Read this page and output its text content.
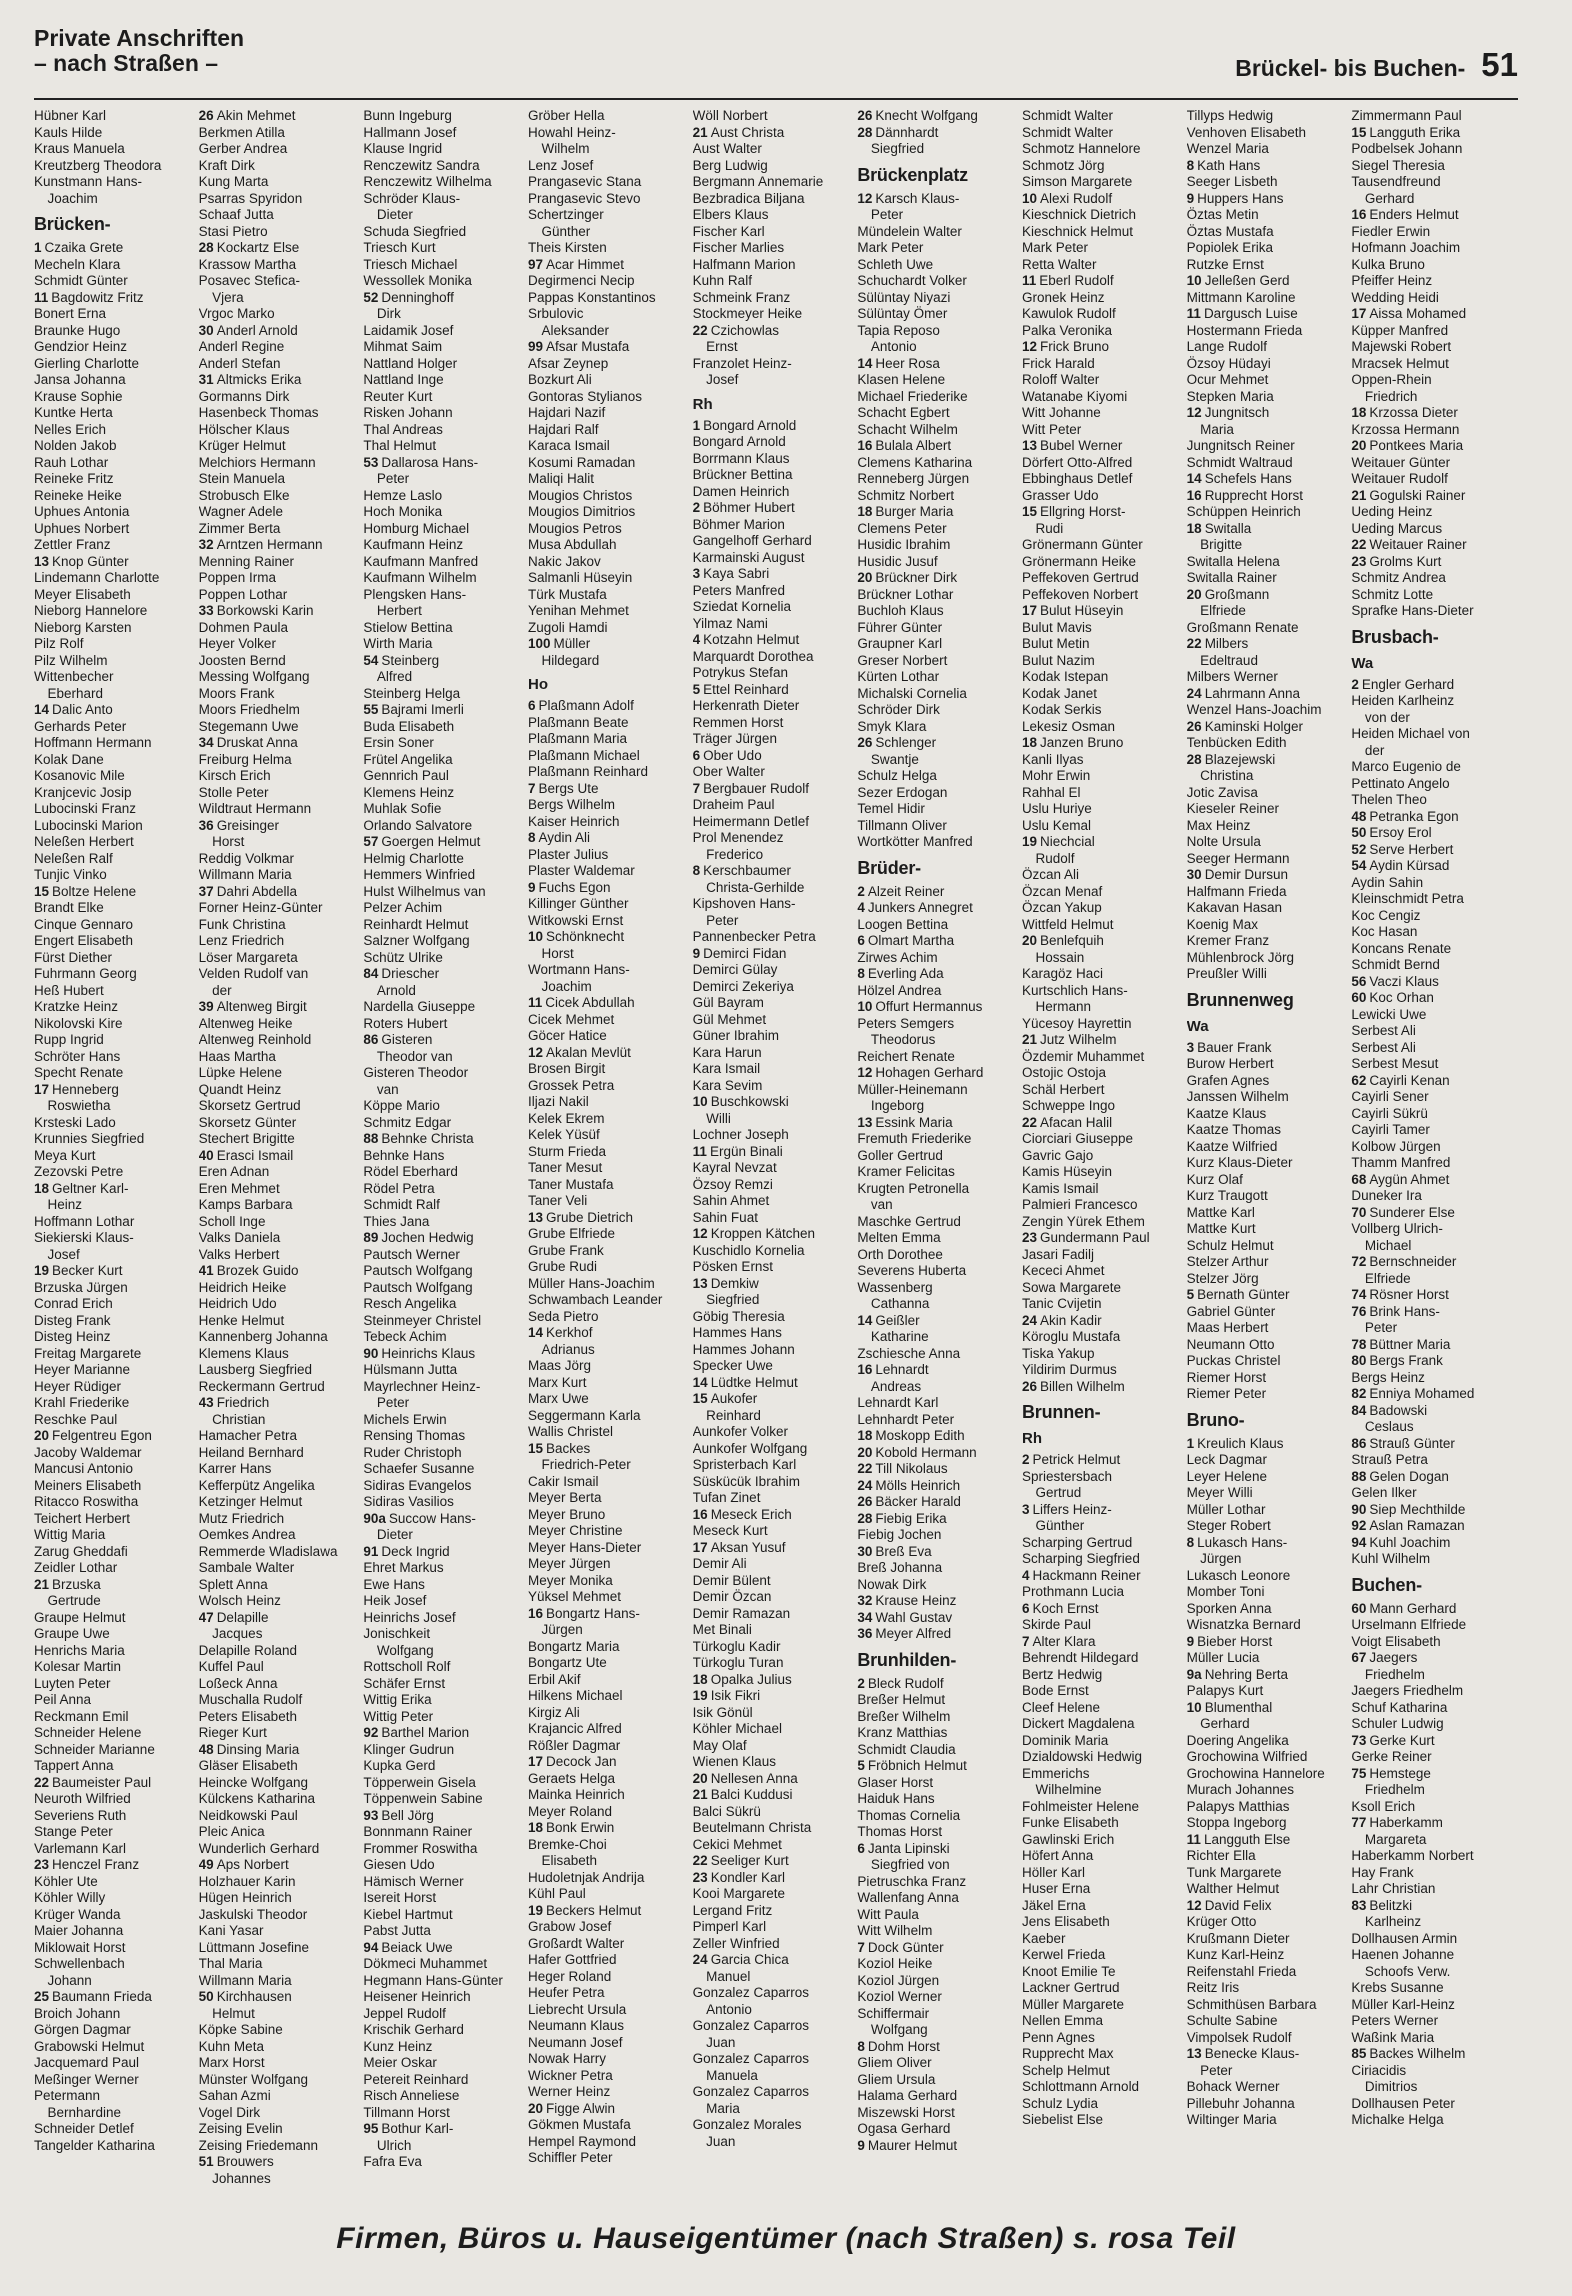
Private Anschriften
– nach Straßen –	Brückel- bis Buchen- 51
Hübner Karl
Kauls Hilde
Kraus Manuela
Kreutzberg Theodora
Kunstmann Hans-
 Joachim
Brücken-
1 Czaika Grete
Mecheln Klara
Schmidt Günter
11 Bagdowitz Fritz
Bonert Erna
Braunke Hugo
Gendzior Heinz
Gierling Charlotte
Jansa Johanna
Krause Sophie
Kuntke Herta
Nelles Erich
Nolden Jakob
Rauh Lothar
Reineke Fritz
Reineke Heike
Uphues Antonia
Uphues Norbert
Zettler Franz
13 Knop Günter
Lindemann Charlotte
Meyer Elisabeth
Nieborg Hannelore
Nieborg Karsten
Pilz Rolf
Pilz Wilhelm
Wittenbecher
 Eberhard
14 Dalic Anto
Gerhards Peter
Hoffmann Hermann
Kolak Dane
Kosanovic Mile
Kranjcevic Josip
Lubocinski Franz
Lubocinski Marion
Neleßen Herbert
Neleßen Ralf
Tunjic Vinko
15 Boltze Helene
Brandt Elke
Cinque Gennaro
Engert Elisabeth
Fürst Diether
Fuhrmann Georg
Heß Hubert
Kratzke Heinz
Nikolovski Kire
Rupp Ingrid
Schröter Hans
Specht Renate
17 Henneberg
 Roswietha
Krsteski Lado
Krunnies Siegfried
Meya Kurt
Zezovski Petre
18 Geltner Karl-
 Heinz
Hoffmann Lothar
Siekierski Klaus-
 Josef
19 Becker Kurt
Brzuska Jürgen
Conrad Erich
Disteg Frank
Disteg Heinz
Freitag Margarete
Heyer Marianne
Heyer Rüdiger
Krahl Friederike
Reschke Paul
20 Felgentreu Egon
Jacoby Waldemar
Mancusi Antonio
Meiners Elisabeth
Ritacco Roswitha
Teichert Herbert
Wittig Maria
Zarug Gheddafi
Zeidler Lothar
21 Brzuska
 Gertrude
Graupe Helmut
Graupe Uwe
Henrichs Maria
Kolesar Martin
Luyten Peter
Peil Anna
Reckmann Emil
Schneider Helene
Schneider Marianne
Tappert Anna
22 Baumeister Paul
Neuroth Wilfried
Severiens Ruth
Stange Peter
Varlemann Karl
23 Henczel Franz
Köhler Ute
Köhler Willy
Krüger Wanda
Maier Johanna
Miklowait Horst
Schwellenbach
 Johann
25 Baumann Frieda
Broich Johann
Görgen Dagmar
Grabowski Helmut
Jacquemard Paul
Meßinger Werner
Petermann
 Bernhardine
Schneider Detlef
Tangelder Katharina
26 Akin Mehmet
Berkmen Atilla
Gerber Andrea
Kraft Dirk
Kung Marta
Psarras Spyridon
Schaaf Jutta
Stasi Pietro
28 Kockartz Else
Krassow Martha
Posavec Stefica-
 Vjera
Vrgoc Marko
30 Anderl Arnold
Anderl Regine
Anderl Stefan
31 Altmicks Erika
Gormanns Dirk
Hasenbeck Thomas
Hölscher Klaus
Krüger Helmut
Melchiors Hermann
Stein Manuela
Strobusch Elke
Wagner Adele
Zimmer Berta
32 Arntzen Hermann
Menning Rainer
Poppen Irma
Poppen Lothar
33 Borkowski Karin
Dohmen Paula
Heyer Volker
Joosten Bernd
Messing Wolfgang
Moors Frank
Moors Friedhelm
Stegemann Uwe
34 Druskat Anna
Freiburg Helma
Kirsch Erich
Stolle Peter
Wildtraut Hermann
36 Greisinger
 Horst
Reddig Volkmar
Willmann Maria
37 Dahri Abdella
Forner Heinz-Günter
Funk Christina
Lenz Friedrich
Löser Margareta
Velden Rudolf van
 der
39 Altenweg Birgit
Altenweg Heike
Altenweg Reinhold
Haas Martha
Lüpke Helene
Quandt Heinz
Skorsetz Gertrud
Skorsetz Günter
Stechert Brigitte
40 Erasci Ismail
Eren Adnan
Eren Mehmet
Kamps Barbara
Scholl Inge
Valks Daniela
Valks Herbert
41 Brozek Guido
Heidrich Heike
Heidrich Udo
Henke Helmut
Kannenberg Johanna
Klemens Klaus
Lausberg Siegfried
Reckermann Gertrud
43 Friedrich
 Christian
Hamacher Petra
Heiland Bernhard
Karrer Hans
Kefferpütz Angelika
Ketzinger Helmut
Mutz Friedrich
Oemkes Andrea
Remmerde Wladislawa
Sambale Walter
Splett Anna
Wolsch Heinz
47 Delapille
 Jacques
Delapille Roland
Kuffel Paul
Loßeck Anna
Muschalla Rudolf
Peters Elisabeth
Rieger Kurt
48 Dinsing Maria
Gläser Elisabeth
Heincke Wolfgang
Külckens Katharina
Neidkowski Paul
Pleic Anica
Wunderlich Gerhard
49 Aps Norbert
Holzhauer Karin
Hügen Heinrich
Jaskulski Theodor
Kani Yasar
Lüttmann Josefine
Thal Maria
Willmann Maria
50 Kirchhausen
 Helmut
Köpke Sabine
Kuhn Meta
Marx Horst
Münster Wolfgang
Sahan Azmi
Vogel Dirk
Zeising Evelin
Zeising Friedemann
51 Brouwers
 Johannes
Bunn Ingeburg
Hallmann Josef
Klause Ingrid
Renczewitz Sandra
Renczewitz Wilhelma
Schröder Klaus-
 Dieter
Schuda Siegfried
Triesch Kurt
Triesch Michael
Wessollek Monika
52 Denninghoff
 Dirk
Laidamik Josef
Mihmat Saim
Nattland Holger
Nattland Inge
Reuter Kurt
Risken Johann
Thal Andreas
Thal Helmut
53 Dallarosa Hans-
 Peter
Hemze Laslo
Hoch Monika
Homburg Michael
Kaufmann Heinz
Kaufmann Manfred
Kaufmann Wilhelm
Plengsken Hans-
 Herbert
Stielow Bettina
Wirth Maria
54 Steinberg
 Alfred
Steinberg Helga
55 Bajrami Imerli
Buda Elisabeth
Ersin Soner
Frütel Angelika
Gennrich Paul
Klemens Heinz
Muhlak Sofie
Orlando Salvatore
57 Goergen Helmut
Helmig Charlotte
Hemmers Winfried
Hulst Wilhelmus van
Pelzer Achim
Reinhardt Helmut
Salzner Wolfgang
Schütz Ulrike
84 Driescher
 Arnold
Nardella Giuseppe
Roters Hubert
86 Gisteren
 Theodor van
Gisteren Theodor
 van
Köppe Mario
Schmitz Edgar
88 Behnke Christa
Behnke Hans
Rödel Eberhard
Rödel Petra
Schmidt Ralf
Thies Jana
89 Jochen Hedwig
Pautsch Werner
Pautsch Wolfgang
Pautsch Wolfgang
Resch Angelika
Steinmeyer Christel
Tebeck Achim
90 Heinrichs Klaus
Hülsmann Jutta
Mayrlechner Heinz-
 Peter
Michels Erwin
Rensing Thomas
Ruder Christoph
Schaefer Susanne
Sidiras Evangelos
Sidiras Vasilios
90a Succow Hans-
 Dieter
91 Deck Ingrid
Ehret Markus
Ewe Hans
Heik Josef
Heinrichs Josef
Jonischkeit
 Wolfgang
Rottscholl Rolf
Schäfer Ernst
Wittig Erika
Wittig Peter
92 Barthel Marion
Klinger Gudrun
Kupka Gerd
Töpperwein Gisela
Töppenwein Sabine
93 Bell Jörg
Bonnmann Rainer
Frommer Roswitha
Giesen Udo
Hämisch Werner
Isereit Horst
Kiebel Hartmut
Pabst Jutta
94 Beiack Uwe
Dökmeci Muhammet
Hegmann Hans-Günter
Heisener Heinrich
Jeppel Rudolf
Krischik Gerhard
Kunz Heinz
Meier Oskar
Petereit Reinhard
Risch Anneliese
Tillmann Horst
95 Bothur Karl-
 Ulrich
Fafra Eva
Gröber Hella
Howahl Heinz-
 Wilhelm
Lenz Josef
Prangasevic Stana
Prangasevic Stevo
Schertzinger
 Günther
Theis Kirsten
97 Acar Himmet
Degirmenci Necip
Pappas Konstantinos
Srbulovic
 Aleksander
99 Afsar Mustafa
Afsar Zeynep
Bozkurt Ali
Gontoras Stylianos
Hajdari Nazif
Hajdari Ralf
Karaca Ismail
Kosumi Ramadan
Maliqi Halit
Mougios Christos
Mougios Dimitrios
Mougios Petros
Musa Abdullah
Nakic Jakov
Salmanli Hüseyin
Türk Mustafa
Yenihan Mehmet
Zugoli Hamdi
100 Müller
 Hildegard
Ho
6 Plaßmann Adolf
Plaßmann Beate
Plaßmann Maria
Plaßmann Michael
Plaßmann Reinhard
7 Bergs Ute
Bergs Wilhelm
Kaiser Heinrich
8 Aydin Ali
Plaster Julius
Plaster Waldemar
9 Fuchs Egon
Killinger Günther
Witkowski Ernst
10 Schönknecht
 Horst
Wortmann Hans-
 Joachim
11 Cicek Abdullah
Cicek Mehmet
Göcer Hatice
12 Akalan Mevlüt
Brosen Birgit
Grossek Petra
Iljazi Nakil
Kelek Ekrem
Kelek Yüsüf
Sturm Frieda
Taner Mesut
Taner Mustafa
Taner Veli
13 Grube Dietrich
Grube Elfriede
Grube Frank
Grube Rudi
Müller Hans-Joachim
Schwambach Leander
Seda Pietro
14 Kerkhof
 Adrianus
Maas Jörg
Marx Kurt
Marx Uwe
Seggermann Karla
Wallis Christel
15 Backes
 Friedrich-Peter
Cakir Ismail
Meyer Berta
Meyer Bruno
Meyer Christine
Meyer Hans-Dieter
Meyer Jürgen
Meyer Monika
Yüksel Mehmet
16 Bongartz Hans-
 Jürgen
Bongartz Maria
Bongartz Ute
Erbil Akif
Hilkens Michael
Kirgiz Ali
Krajancic Alfred
Rößler Dagmar
17 Decock Jan
Geraets Helga
Mainka Heinrich
Meyer Roland
18 Bonk Erwin
Bremke-Choi
 Elisabeth
Hudoletnjak Andrija
Kühl Paul
19 Beckers Helmut
Grabow Josef
Großardt Walter
Hafer Gottfried
Heger Roland
Heufer Petra
Liebrecht Ursula
Neumann Klaus
Neumann Josef
Nowak Harry
Wickner Petra
Werner Heinz
20 Figge Alwin
Gökmen Mustafa
Hempel Raymond
Schiffler Peter
Wöll Norbert
21 Aust Christa
Aust Walter
Berg Ludwig
Bergmann Annemarie
Bezbradica Biljana
Elbers Klaus
Fischer Karl
Fischer Marlies
Halfmann Marion
Kuhn Ralf
Schmeink Franz
Stockmeyer Heike
22 Czichowlas
 Ernst
Franzolet Heinz-
 Josef
Rh
1 Bongard Arnold
Bongard Arnold
Borrmann Klaus
Brückner Bettina
Damen Heinrich
2 Böhmer Hubert
Böhmer Marion
Gangelhoff Gerhard
Karmainski August
3 Kaya Sabri
Peters Manfred
Sziedat Kornelia
Yilmaz Nami
4 Kotzahn Helmut
Marquardt Dorothea
Potrykus Stefan
5 Ettel Reinhard
Herkenrath Dieter
Remmen Horst
Träger Jürgen
6 Ober Udo
Ober Walter
7 Bergbauer Rudolf
Draheim Paul
Heimermann Detlef
Prol Menendez
 Frederico
8 Kerschbaumer
 Christa-Gerhilde
Kipshoven Hans-
 Peter
Pannenbecker Petra
9 Demirci Fidan
Demirci Gülay
Demirci Zekeriya
Gül Bayram
Gül Mehmet
Güner Ibrahim
Kara Harun
Kara Ismail
Kara Sevim
10 Buschkowski
 Willi
Lochner Joseph
11 Ergün Binali
Kayral Nevzat
Özsoy Remzi
Sahin Ahmet
Sahin Fuat
12 Kroppen Kätchen
Kuschidlo Kornelia
Pösken Ernst
13 Demkiw
 Siegfried
Göbig Theresia
Hammes Hans
Hammes Johann
Specker Uwe
14 Lüdtke Helmut
15 Aukofer
 Reinhard
Aunkofer Volker
Aunkofer Wolfgang
Spristerbach Karl
Süskücük Ibrahim
Tufan Zinet
16 Meseck Erich
Meseck Kurt
17 Aksan Yusuf
Demir Ali
Demir Bülent
Demir Özcan
Demir Ramazan
Met Binali
Türkoglu Kadir
Türkoglu Turan
18 Opalka Julius
19 Isik Fikri
Isik Gönül
Köhler Michael
May Olaf
Wienen Klaus
20 Nellesen Anna
21 Balci Kuddusi
Balci Sükrü
Beutelmann Christa
Cekici Mehmet
22 Seeliger Kurt
23 Kondler Karl
Kooi Margarete
Lergand Fritz
Pimperl Karl
Zeller Winfried
24 Garcia Chica
 Manuel
Gonzalez Caparros
 Antonio
Gonzalez Caparros
 Juan
Gonzalez Caparros
 Manuela
Gonzalez Caparros
 Maria
Gonzalez Morales
 Juan
26 Knecht Wolfgang
28 Dännhardt
 Siegfried
Brückenplatz
12 Karsch Klaus-
 Peter
Mündelein Walter
Mark Peter
Schleth Uwe
Schuchardt Volker
Sülüntay Niyazi
Sülüntay Ömer
Tapia Reposo
 Antonio
14 Heer Rosa
Klasen Helene
Michael Friederike
Schacht Egbert
Schacht Wilhelm
16 Bulala Albert
Clemens Katharina
Renneberg Jürgen
Schmitz Norbert
18 Burger Maria
Clemens Peter
Husidic Ibrahim
Husidic Jusuf
20 Brückner Dirk
Brückner Lothar
Buchloh Klaus
Führer Günter
Graupner Karl
Greser Norbert
Kürten Lothar
Michalski Cornelia
Schröder Dirk
Smyk Klara
26 Schlenger
 Swantje
Schulz Helga
Sezer Erdogan
Temel Hidir
Tillmann Oliver
Wortkötter Manfred
Brüder-
2 Alzeit Reiner
4 Junkers Annegret
Loogen Bettina
6 Olmart Martha
Zirwes Achim
8 Everling Ada
Hölzel Andrea
10 Offurt Hermannus
Peters Semgers
 Theodorus
Reichert Renate
12 Hohagen Gerhard
Müller-Heinemann
 Ingeborg
13 Essink Maria
Fremuth Friederike
Goller Gertrud
Kramer Felicitas
Krugten Petronella
 van
Maschke Gertrud
Melten Emma
Orth Dorothee
Severens Huberta
Wassenberg
 Cathanna
14 Geißler
 Katharine
Zschiesche Anna
16 Lehnardt
 Andreas
Lehnardt Karl
Lehnhardt Peter
18 Moskopp Edith
20 Kobold Hermann
22 Till Nikolaus
24 Mölls Heinrich
26 Bäcker Harald
28 Fiebig Erika
Fiebig Jochen
30 Breß Eva
Breß Johanna
Nowak Dirk
32 Krause Heinz
34 Wahl Gustav
36 Meyer Alfred
Brunhilden-
2 Bleck Rudolf
Breßer Helmut
Breßer Wilhelm
Kranz Matthias
Schmidt Claudia
5 Fröbnich Helmut
Glaser Horst
Haiduk Hans
Thomas Cornelia
Thomas Horst
6 Janta Lipinski
 Siegfried von
Pietruschka Franz
Wallenfang Anna
Witt Paula
Witt Wilhelm
7 Dock Günter
Koziol Heike
Koziol Jürgen
Koziol Werner
Schiffermair
 Wolfgang
8 Dohm Horst
Gliem Oliver
Gliem Ursula
Halama Gerhard
Miszewski Horst
Ogasa Gerhard
9 Maurer Helmut
Schmidt Walter
Schmidt Walter
Schmotz Hannelore
Schmotz Jörg
Simson Margarete
10 Alexi Rudolf
Kieschnick Dietrich
Kieschnick Helmut
Mark Peter
Retta Walter
11 Eberl Rudolf
Gronek Heinz
Kawulok Rudolf
Palka Veronika
12 Frick Bruno
Frick Harald
Roloff Walter
Watanabe Kiyomi
Witt Johanne
Witt Peter
13 Bubel Werner
Dörfert Otto-Alfred
Ebbinghaus Detlef
Grasser Udo
15 Ellgring Horst-
 Rudi
Grönermann Günter
Grönermann Heike
Peffekoven Gertrud
Peffekoven Norbert
17 Bulut Hüseyin
Bulut Mavis
Bulut Metin
Bulut Nazim
Kodak Istepan
Kodak Janet
Kodak Serkis
Lekesiz Osman
18 Janzen Bruno
Kanli Ilyas
Mohr Erwin
Rahhal El
Uslu Huriye
Uslu Kemal
19 Niechcial
 Rudolf
Özcan Ali
Özcan Menaf
Özcan Yakup
Wittfeld Helmut
20 Benlefquih
 Hossain
Karagöz Haci
Kurtschlich Hans-
 Hermann
Yücesoy Hayrettin
21 Jutz Wilhelm
Özdemir Muhammet
Ostojic Ostoja
Schäl Herbert
Schweppe Ingo
22 Afacan Halil
Ciorciari Giuseppe
Gavric Gajo
Kamis Hüseyin
Kamis Ismail
Palmieri Francesco
Zengin Yürek Ethem
23 Gundermann Paul
Jasari Fadilj
Kececi Ahmet
Sowa Margarete
Tanic Cvijetin
24 Akin Kadir
Köroglu Mustafa
Tiska Yakup
Yildirim Durmus
26 Billen Wilhelm
Brunnen-
Rh
2 Petrick Helmut
Spriestersbach
 Gertrud
3 Liffers Heinz-
 Günther
Scharping Gertrud
Scharping Siegfried
4 Hackmann Reiner
Prothmann Lucia
6 Koch Ernst
Skirde Paul
7 Alter Klara
Behrendt Hildegard
Bertz Hedwig
Bode Ernst
Cleef Helene
Dickert Magdalena
Dominik Maria
Dzialdowski Hedwig
Emmerichs
 Wilhelmine
Fohlmeister Helene
Funke Elisabeth
Gawlinski Erich
Höfert Anna
Höller Karl
Huser Erna
Jäkel Erna
Jens Elisabeth
Kaeber
Kerwel Frieda
Knoot Emilie Te
Lackner Gertrud
Müller Margarete
Nellen Emma
Penn Agnes
Rupprecht Max
Schelp Helmut
Schlottmann Arnold
Schulz Lydia
Siebelist Else
Tillyps Hedwig
Venhoven Elisabeth
Wenzel Maria
8 Kath Hans
Seeger Lisbeth
9 Huppers Hans
Öztas Metin
Öztas Mustafa
Popiolek Erika
Rutzke Ernst
10 Jelleßen Gerd
Mittmann Karoline
11 Dargusch Luise
Hostermann Frieda
Lange Rudolf
Özsoy Hüdayi
Ocur Mehmet
Stepken Maria
12 Jungnitsch
 Maria
Jungnitsch Reiner
Schmidt Waltraud
14 Schefels Hans
16 Rupprecht Horst
Schüppen Heinrich
18 Switalla
 Brigitte
Switalla Helena
Switalla Rainer
20 Großmann
 Elfriede
Großmann Renate
22 Milbers
 Edeltraud
Milbers Werner
24 Lahrmann Anna
Wenzel Hans-Joachim
26 Kaminski Holger
Tenbücken Edith
28 Blazejewski
 Christina
Jotic Zavisa
Kieseler Reiner
Max Heinz
Nolte Ursula
Seeger Hermann
30 Demir Dursun
Halfmann Frieda
Kakavan Hasan
Koenig Max
Kremer Franz
Mühlenbrock Jörg
Preußler Willi
Brunnenweg
Wa
3 Bauer Frank
Burow Herbert
Grafen Agnes
Janssen Wilhelm
Kaatze Klaus
Kaatze Thomas
Kaatze Wilfried
Kurz Klaus-Dieter
Kurz Olaf
Kurz Traugott
Mattke Karl
Mattke Kurt
Schulz Helmut
Stelzer Arthur
Stelzer Jörg
5 Bernath Günter
Gabriel Günter
Maas Herbert
Neumann Otto
Puckas Christel
Riemer Horst
Riemer Peter
Bruno-
1 Kreulich Klaus
Leck Dagmar
Leyer Helene
Meyer Willi
Müller Lothar
Steger Robert
8 Lukasch Hans-
 Jürgen
Lukasch Leonore
Momber Toni
Sporken Anna
Wisnatzka Bernard
9 Bieber Horst
Müller Lucia
9a Nehring Berta
Palapys Kurt
10 Blumenthal
 Gerhard
Doering Angelika
Grochowina Wilfried
Grochowina Hannelore
Murach Johannes
Palapys Matthias
Stoppa Ingeborg
11 Langguth Else
Richter Ella
Tunk Margarete
Walther Helmut
12 David Felix
Krüger Otto
Krußmann Dieter
Kunz Karl-Heinz
Reifenstahl Frieda
Reitz Iris
Schmithüsen Barbara
Schulte Sabine
Vimpolsek Rudolf
13 Benecke Klaus-
 Peter
Bohack Werner
Pillebuhr Johanna
Wiltinger Maria
Zimmermann Paul
15 Langguth Erika
Podbelsek Johann
Siegel Theresia
Tausendfreund
 Gerhard
16 Enders Helmut
Fiedler Erwin
Hofmann Joachim
Kulka Bruno
Pfeiffer Heinz
Wedding Heidi
17 Aissa Mohamed
Küpper Manfred
Majewski Robert
Mracsek Helmut
Oppen-Rhein
 Friedrich
18 Krzossa Dieter
Krzossa Hermann
20 Pontkees Maria
Weitauer Günter
Weitauer Rudolf
21 Gogulski Rainer
Ueding Heinz
Ueding Marcus
22 Weitauer Rainer
23 Grolms Kurt
Schmitz Andrea
Schmitz Lotte
Sprafke Hans-Dieter
Brusbach-
Wa
2 Engler Gerhard
Heiden Karlheinz
 von der
Heiden Michael von
 der
Marco Eugenio de
Pettinato Angelo
Thelen Theo
48 Petranka Egon
50 Ersoy Erol
52 Serve Herbert
54 Aydin Kürsad
Aydin Sahin
Kleinschmidt Petra
Koc Cengiz
Koc Hasan
Koncans Renate
Schmidt Bernd
56 Vaczi Klaus
60 Koc Orhan
Lewicki Uwe
Serbest Ali
Serbest Ali
Serbest Mesut
62 Cayirli Kenan
Cayirli Sener
Cayirli Sükrü
Cayirli Tamer
Kolbow Jürgen
Thamm Manfred
68 Aygün Ahmet
Duneker Ira
70 Sunderer Else
Vollberg Ulrich-
 Michael
72 Bernschneider
 Elfriede
74 Rösner Horst
76 Brink Hans-
 Peter
78 Büttner Maria
80 Bergs Frank
Bergs Heinz
82 Enniya Mohamed
84 Badowski
 Ceslaus
86 Strauß Günter
Strauß Petra
88 Gelen Dogan
Gelen Ilker
90 Siep Mechthilde
92 Aslan Ramazan
94 Kuhl Joachim
Kuhl Wilhelm
Buchen-
60 Mann Gerhard
Urselmann Elfriede
Voigt Elisabeth
67 Jaegers
 Friedhelm
Jaegers Friedhelm
Schuf Katharina
Schuler Ludwig
73 Gerke Kurt
Gerke Reiner
75 Hemstege
 Friedhelm
Ksoll Erich
77 Haberkamm
 Margareta
Haberkamm Norbert
Hay Frank
Lahr Christian
83 Belitzki
 Karlheinz
Dollhausen Armin
Haenen Johanne
 Schoofs Verw.
Krebs Susanne
Müller Karl-Heinz
Peters Werner
Waßink Maria
85 Backes Wilhelm
Ciriacidis
 Dimitrios
Dollhausen Peter
Michalke Helga
Firmen, Büros u. Hauseigentümer (nach Straßen) s. rosa Teil
